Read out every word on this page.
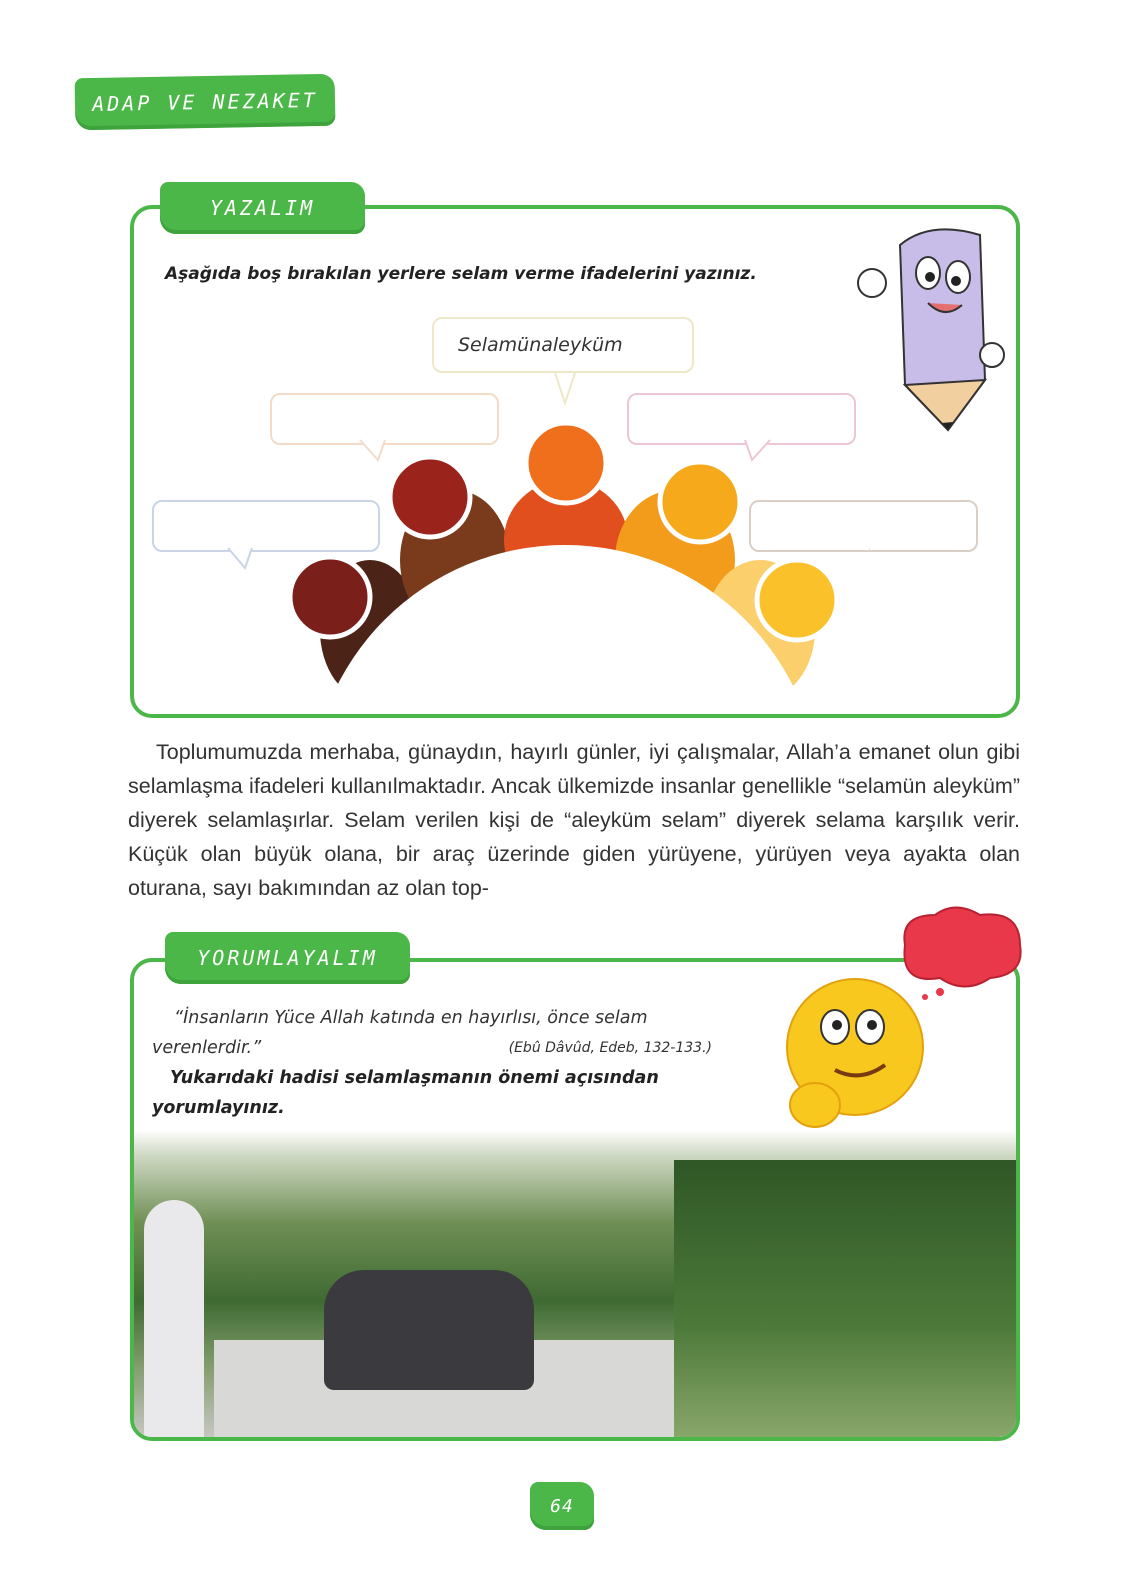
ADAP VE NEZAKET
YAZALIM
Aşağıda boş bırakılan yerlere selam verme ifadelerini yazınız.
Selamünaleyküm
Toplumumuzda merhaba, günaydın, hayırlı günler, iyi çalışmalar, Allah’a emanet olun gibi selamlaşma ifadeleri kullanılmaktadır. Ancak ülkemizde insanlar genellikle “selamün aleyküm” diyerek selamlaşırlar. Selam verilen kişi de “aleyküm selam” diyerek selama karşılık verir. Küçük olan büyük olana, bir araç üzerinde giden yürüyene, yürüyen veya ayakta olan oturana, sayı bakımından az olan top-
YORUMLAYALIM
“İnsanların Yüce Allah katında en hayırlısı, önce selam verenlerdir.”	(Ebû Dâvûd, Edeb, 132-133.)
Yukarıdaki hadisi selamlaşmanın önemi açısından yorumlayınız.
64
